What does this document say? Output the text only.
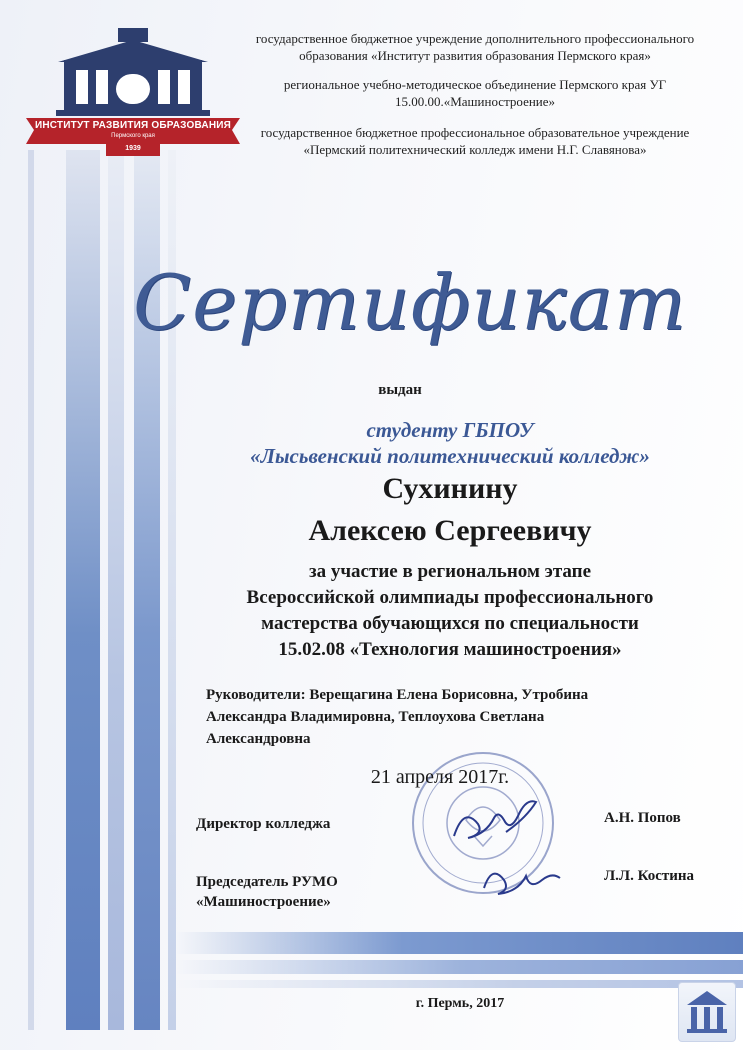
ИНСТИТУТ РАЗВИТИЯ ОБРАЗОВАНИЯ
Пермского края
1939
государственное бюджетное учреждение дополнительного профессионального
образования «Институт развития образования Пермского края»
региональное учебно-методическое объединение Пермского края УГ
15.00.00.«Машиностроение»
государственное бюджетное профессиональное образовательное учреждение
«Пермский политехнический колледж имени Н.Г. Славянова»
Сертификат
выдан
студенту ГБПОУ
«Лысьвенский политехнический колледж»
Сухинину
Алексею Сергеевичу
за участие в региональном этапе
Всероссийской олимпиады профессионального
мастерства обучающихся по специальности
15.02.08 «Технология машиностроения»
Руководители: Верещагина Елена Борисовна, Утробина
Александра Владимировна, Теплоухова Светлана
Александровна
21 апреля 2017г.
Директор колледжа	А.Н. Попов
Председатель РУМО
«Машиностроение»
Л.Л. Костина
г. Пермь, 2017
